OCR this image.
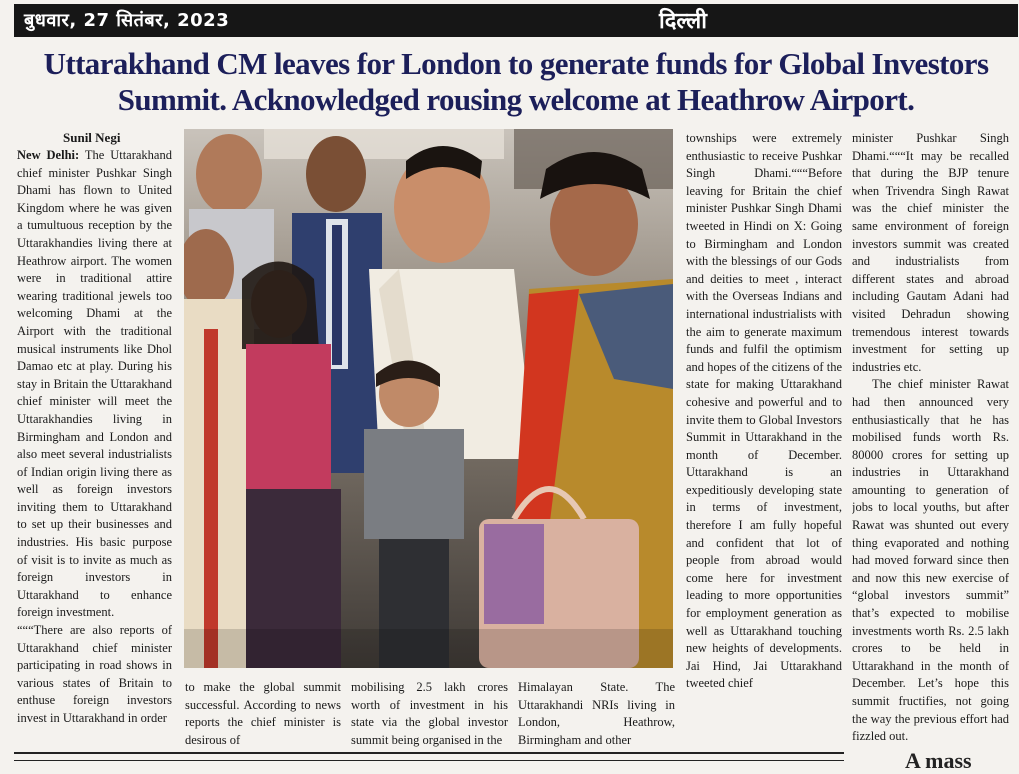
बुधवार, 27 सितंबर, 2023	दिल्ली
Uttarakhand CM leaves for London to generate funds for Global Investors
Summit. Acknowledged rousing welcome at Heathrow Airport.
Sunil Negi

New Delhi: The Uttarakhand chief minister Pushkar Singh Dhami has flown to United Kingdom where he was given a tumultuous reception by the Uttarakhandies living there at Heathrow airport. The women were in traditional attire wearing traditional jewels too welcoming Dhami at the Airport with the traditional musical instruments like Dhol Damao etc at play. During his stay in Britain the Uttarakhand chief minister will meet the Uttarakhandies living in Birmingham and London and also meet several industrialists of Indian origin living there as well as foreign investors inviting them to Uttarakhand to set up their businesses and industries. His basic purpose of visit is to invite as much as foreign investors in Uttarakhand to enhance foreign investment.

“““There are also reports of Uttarakhand chief minister participating in road shows in various states of Britain to enthuse foreign investors invest in Uttarakhand in order

to make the global summit successful. According to news reports the chief minister is desirous of
mobilising 2.5 lakh crores worth of investment in his state via the global investor summit being organised in the
Himalayan State. The Uttarakhandi NRIs living in London, Heathrow, Birmingham and other
townships were extremely enthusiastic to receive Pushkar Singh Dhami.“““Before leaving for Britain the chief minister Pushkar Singh Dhami tweeted in Hindi on X: Going to Birmingham and London with the blessings of our Gods and deities to meet , interact with the Overseas Indians and international industrialists with the aim to generate maximum funds and fulfil the optimism and hopes of the citizens of the state for making Uttarakhand cohesive and powerful and to invite them to Global Investors Summit in Uttarakhand in the month of December. Uttarakhand is an expeditiously developing state in terms of investment, therefore I am fully hopeful and confident that lot of people from abroad would come here for investment leading to more opportunities for employment generation as well as Uttarakhand touching new heights of developments. Jai Hind, Jai Uttarakhand tweeted chief

minister Pushkar Singh Dhami.“““It may be recalled that during the BJP tenure when Trivendra Singh Rawat was the chief minister the same environment of foreign investors summit was created and industrialists from different states and abroad including Gautam Adani had visited Dehradun showing tremendous interest towards investment for setting up industries etc.

The chief minister Rawat had then announced very enthusiastically that he has mobilised funds worth Rs. 80000 crores for setting up industries in Uttarakhand amounting to generation of jobs to local youths, but after Rawat was shunted out every thing evaporated and nothing had moved forward since then and now this new exercise of “global investors summit” that’s expected to mobilise investments worth Rs. 2.5 lakh crores to be held in Uttarakhand in the month of December. Let’s hope this summit fructifies, not going the way the previous effort had fizzled out.

A mass
